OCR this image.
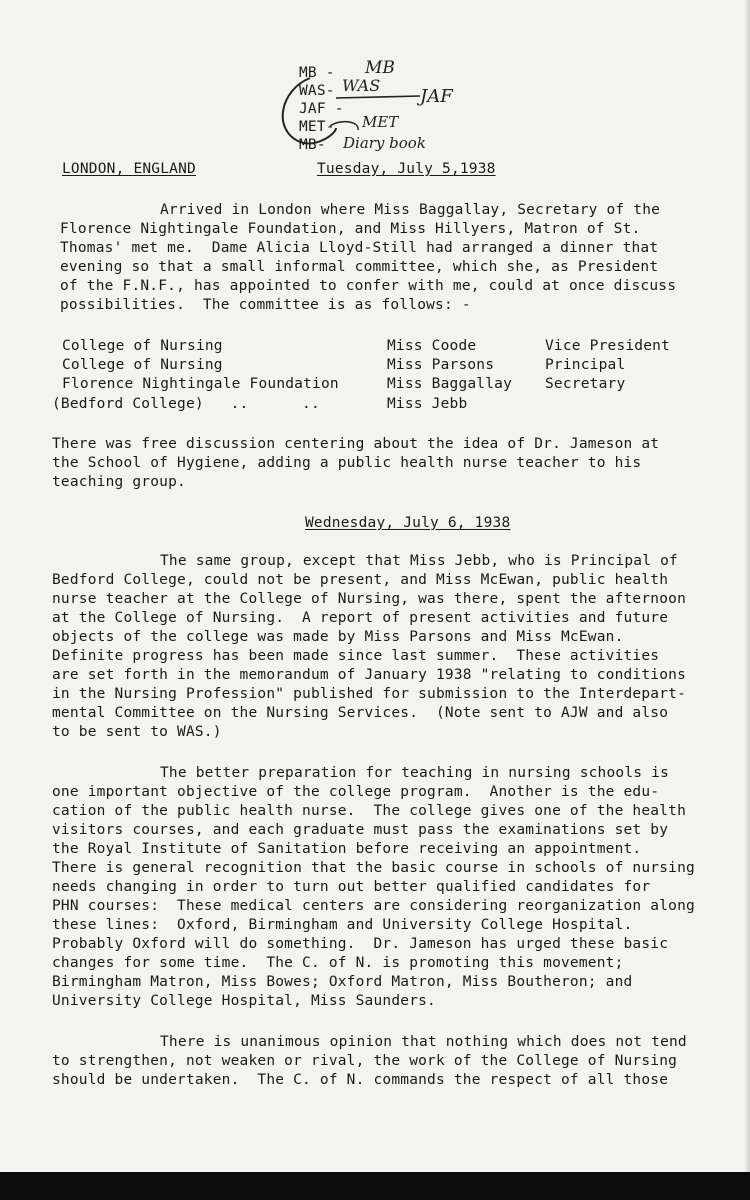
MB -
WAS-
JAF -
MET-
MB-
MB
WAS
JAF
MET
Diary book
LONDON, ENGLAND	Tuesday, July 5,1938
Arrived in London where Miss Baggallay, Secretary of the
Florence Nightingale Foundation, and Miss Hillyers, Matron of St.
Thomas' met me.  Dame Alicia Lloyd-Still had arranged a dinner that
evening so that a small informal committee, which she, as President
of the F.N.F., has appointed to confer with me, could at once discuss
possibilities.  The committee is as follows: -
College of Nursing	Miss Coode	Vice President
College of Nursing	Miss Parsons	Principal
Florence Nightingale Foundation	Miss Baggallay Secretary
(Bedford College)   ..      ..	Miss Jebb
There was free discussion centering about the idea of Dr. Jameson at
the School of Hygiene, adding a public health nurse teacher to his
teaching group.
Wednesday, July 6, 1938
The same group, except that Miss Jebb, who is Principal of
Bedford College, could not be present, and Miss McEwan, public health
nurse teacher at the College of Nursing, was there, spent the afternoon
at the College of Nursing.  A report of present activities and future
objects of the college was made by Miss Parsons and Miss McEwan.
Definite progress has been made since last summer.  These activities
are set forth in the memorandum of January 1938 "relating to conditions
in the Nursing Profession" published for submission to the Interdepart-
mental Committee on the Nursing Services.  (Note sent to AJW and also
to be sent to WAS.)
The better preparation for teaching in nursing schools is
one important objective of the college program.  Another is the edu-
cation of the public health nurse.  The college gives one of the health
visitors courses, and each graduate must pass the examinations set by
the Royal Institute of Sanitation before receiving an appointment.
There is general recognition that the basic course in schools of nursing
needs changing in order to turn out better qualified candidates for
PHN courses:  These medical centers are considering reorganization along
these lines:  Oxford, Birmingham and University College Hospital.
Probably Oxford will do something.  Dr. Jameson has urged these basic
changes for some time.  The C. of N. is promoting this movement;
Birmingham Matron, Miss Bowes; Oxford Matron, Miss Boutheron; and
University College Hospital, Miss Saunders.
There is unanimous opinion that nothing which does not tend
to strengthen, not weaken or rival, the work of the College of Nursing
should be undertaken.  The C. of N. commands the respect of all those
